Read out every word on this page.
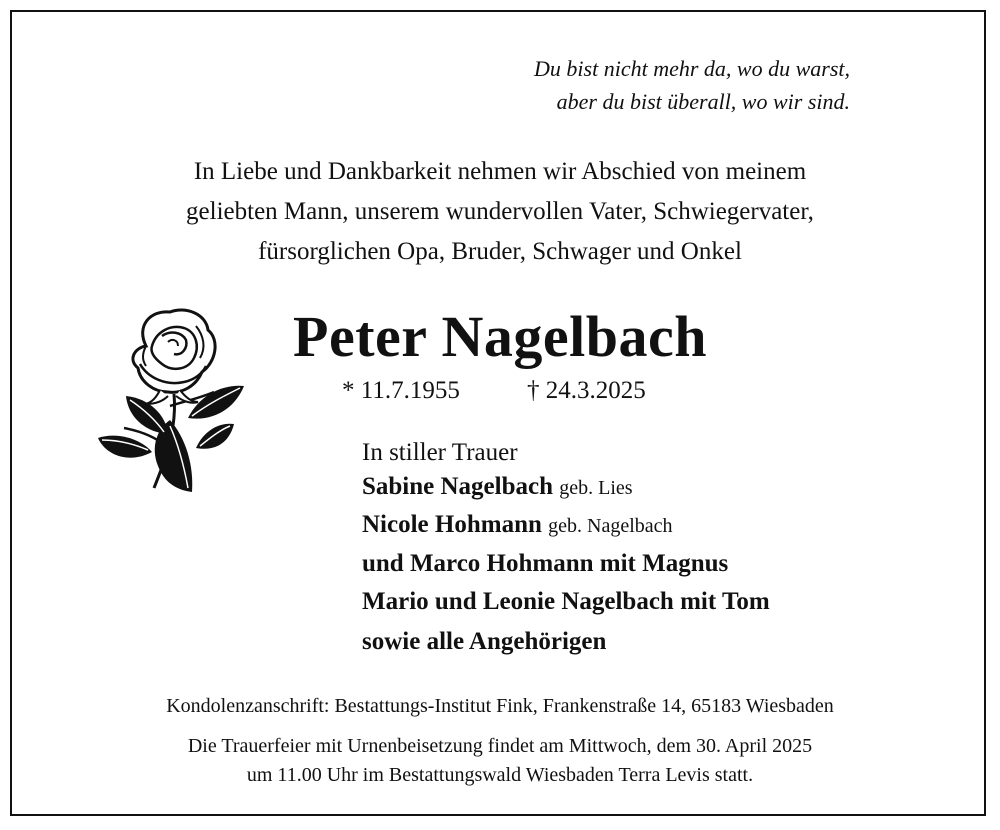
Du bist nicht mehr da, wo du warst,
aber du bist überall, wo wir sind.
In Liebe und Dankbarkeit nehmen wir Abschied von meinem
geliebten Mann, unserem wundervollen Vater, Schwiegervater,
fürsorglichen Opa, Bruder, Schwager und Onkel
Peter Nagelbach
* 11.7.1955	† 24.3.2025
In stiller Trauer
Sabine Nagelbach geb. Lies
Nicole Hohmann geb. Nagelbach
und Marco Hohmann mit Magnus
Mario und Leonie Nagelbach mit Tom
sowie alle Angehörigen
Kondolenzanschrift: Bestattungs-Institut Fink, Frankenstraße 14, 65183 Wiesbaden
Die Trauerfeier mit Urnenbeisetzung findet am Mittwoch, dem 30. April 2025
um 11.00 Uhr im Bestattungswald Wiesbaden Terra Levis statt.
